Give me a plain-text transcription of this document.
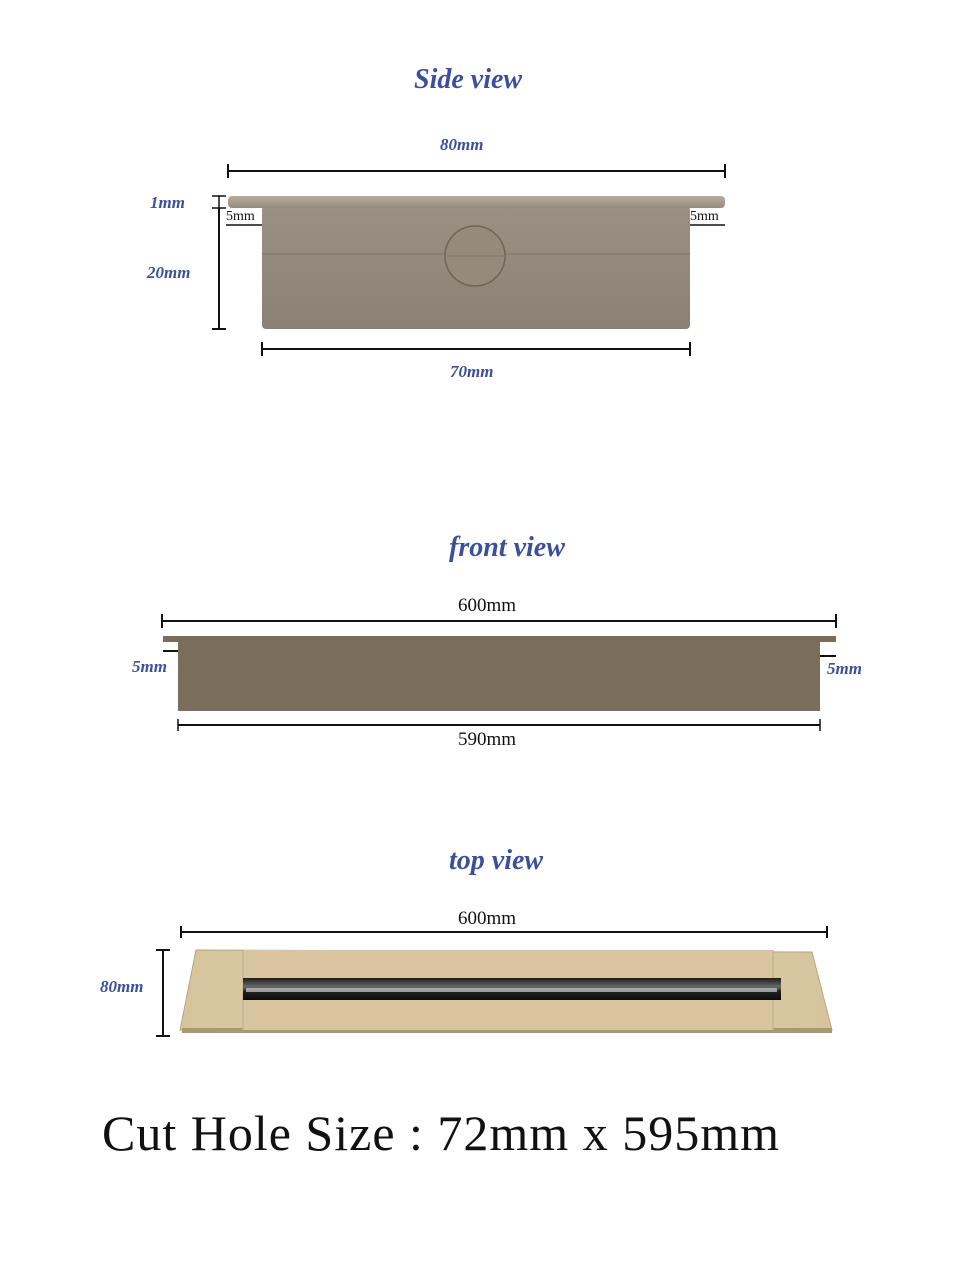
Side view
80mm
1mm
5mm	5mm
20mm
70mm
front view
600mm
5mm	5mm
590mm
top view
600mm
80mm
Cut Hole Size : 72mm x 595mm
